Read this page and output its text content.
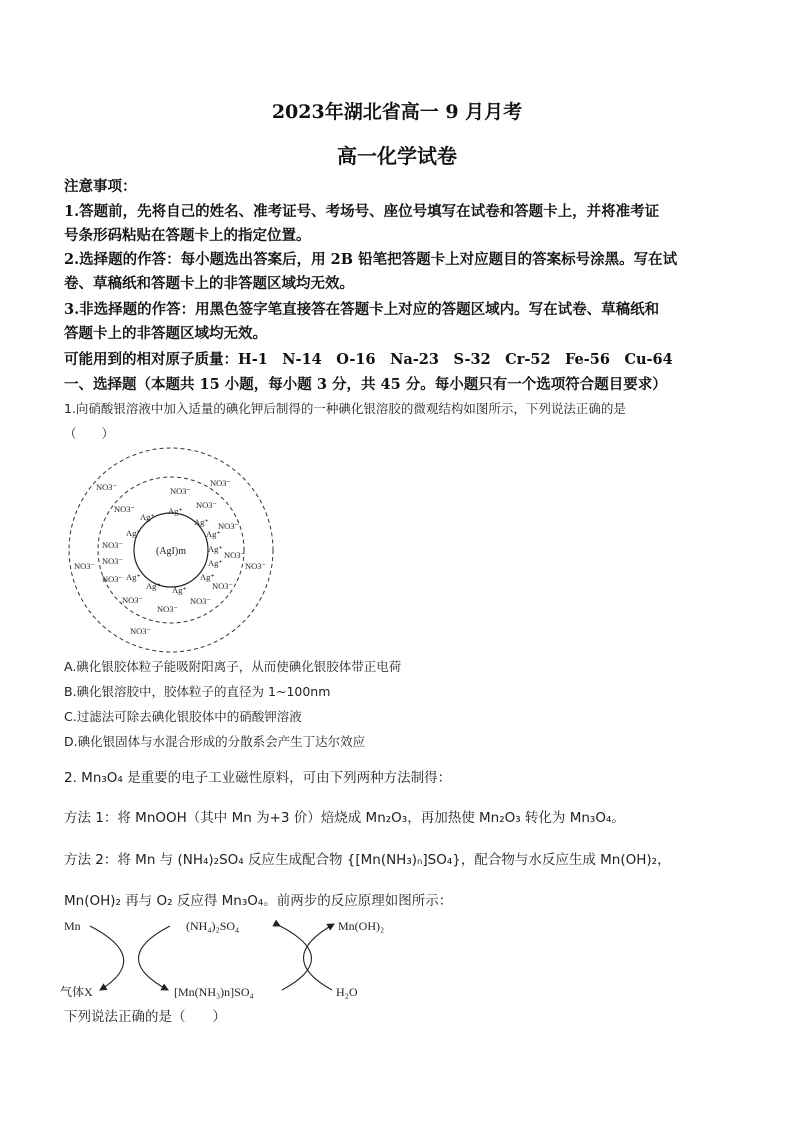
2023年湖北省高一 9 月月考
高一化学试卷
注意事项：
1.答题前，先将自己的姓名、准考证号、考场号、座位号填写在试卷和答题卡上，并将准考证
号条形码粘贴在答题卡上的指定位置。
2.选择题的作答：每小题选出答案后，用 2B 铅笔把答题卡上对应题目的答案标号涂黑。写在试
卷、草稿纸和答题卡上的非答题区域均无效。
3.非选择题的作答：用黑色签字笔直接答在答题卡上对应的答题区域内。写在试卷、草稿纸和
答题卡上的非答题区域均无效。
可能用到的相对原子质量：H-1　N-14　O-16　Na-23　S-32　Cr-52　Fe-56　Cu-64
一、选择题（本题共 15 小题，每小题 3 分，共 45 分。每小题只有一个选项符合题目要求）
1.向硝酸银溶液中加入适量的碘化钾后制得的一种碘化银溶胶的微观结构如图所示，下列说法正确的是
（　　）
(AgI)m
Ag⁺
Ag⁺
Ag⁺
Ag⁺
Ag⁺
Ag⁺
Ag⁺
Ag⁺
Ag⁺
Ag⁺
Ag⁺
NO3⁻
NO3⁻	NO3⁻
NO3⁻
NO3⁻
NO3⁻
NO3⁻
NO3⁻
NO3⁻
NO3⁻
NO3⁻
NO3⁻
NO3⁻	NO3⁻
NO3⁻	NO3⁻
NO3⁻
A.碘化银胶体粒子能吸附阳离子，从而使碘化银胶体带正电荷
B.碘化银溶胶中，胶体粒子的直径为 1~100nm
C.过滤法可除去碘化银胶体中的硝酸钾溶液
D.碘化银固体与水混合形成的分散系会产生丁达尔效应
2. Mn₃O₄ 是重要的电子工业磁性原料，可由下列两种方法制得：
方法 1：将 MnOOH（其中 Mn 为+3 价）焙烧成 Mn₂O₃，再加热使 Mn₂O₃ 转化为 Mn₃O₄。
方法 2：将 Mn 与 (NH₄)₂SO₄ 反应生成配合物 {[Mn(NH₃)ₙ]SO₄}，配合物与水反应生成 Mn(OH)₂，
Mn(OH)₂ 再与 O₂ 反应得 Mn₃O₄。前两步的反应原理如图所示：
Mn	(NH₄)₂SO₄	Mn(OH)₂
气体X	[Mn(NH₃)n]SO₄	H₂O
下列说法正确的是（　　）
